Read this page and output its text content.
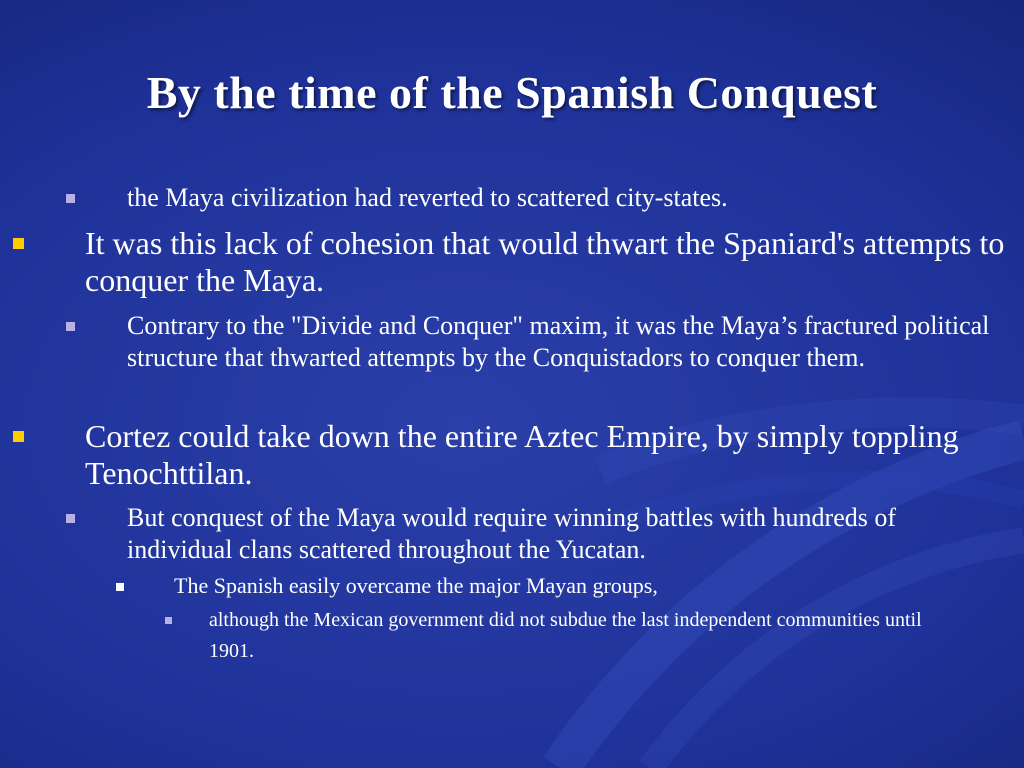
By the time of the Spanish Conquest
the Maya civilization had reverted to scattered city-states.
It was this lack of cohesion that would thwart the Spaniard's attempts to conquer the Maya.
Contrary to the "Divide and Conquer" maxim, it was the Maya’s fractured political structure that thwarted attempts by the Conquistadors to conquer them.
Cortez could take down the entire Aztec Empire, by simply toppling Tenochttilan.
But conquest of the Maya would require winning battles with hundreds of individual clans scattered throughout the Yucatan.
The Spanish easily overcame the major Mayan groups,
although the Mexican government did not subdue the last independent communities until 1901.
